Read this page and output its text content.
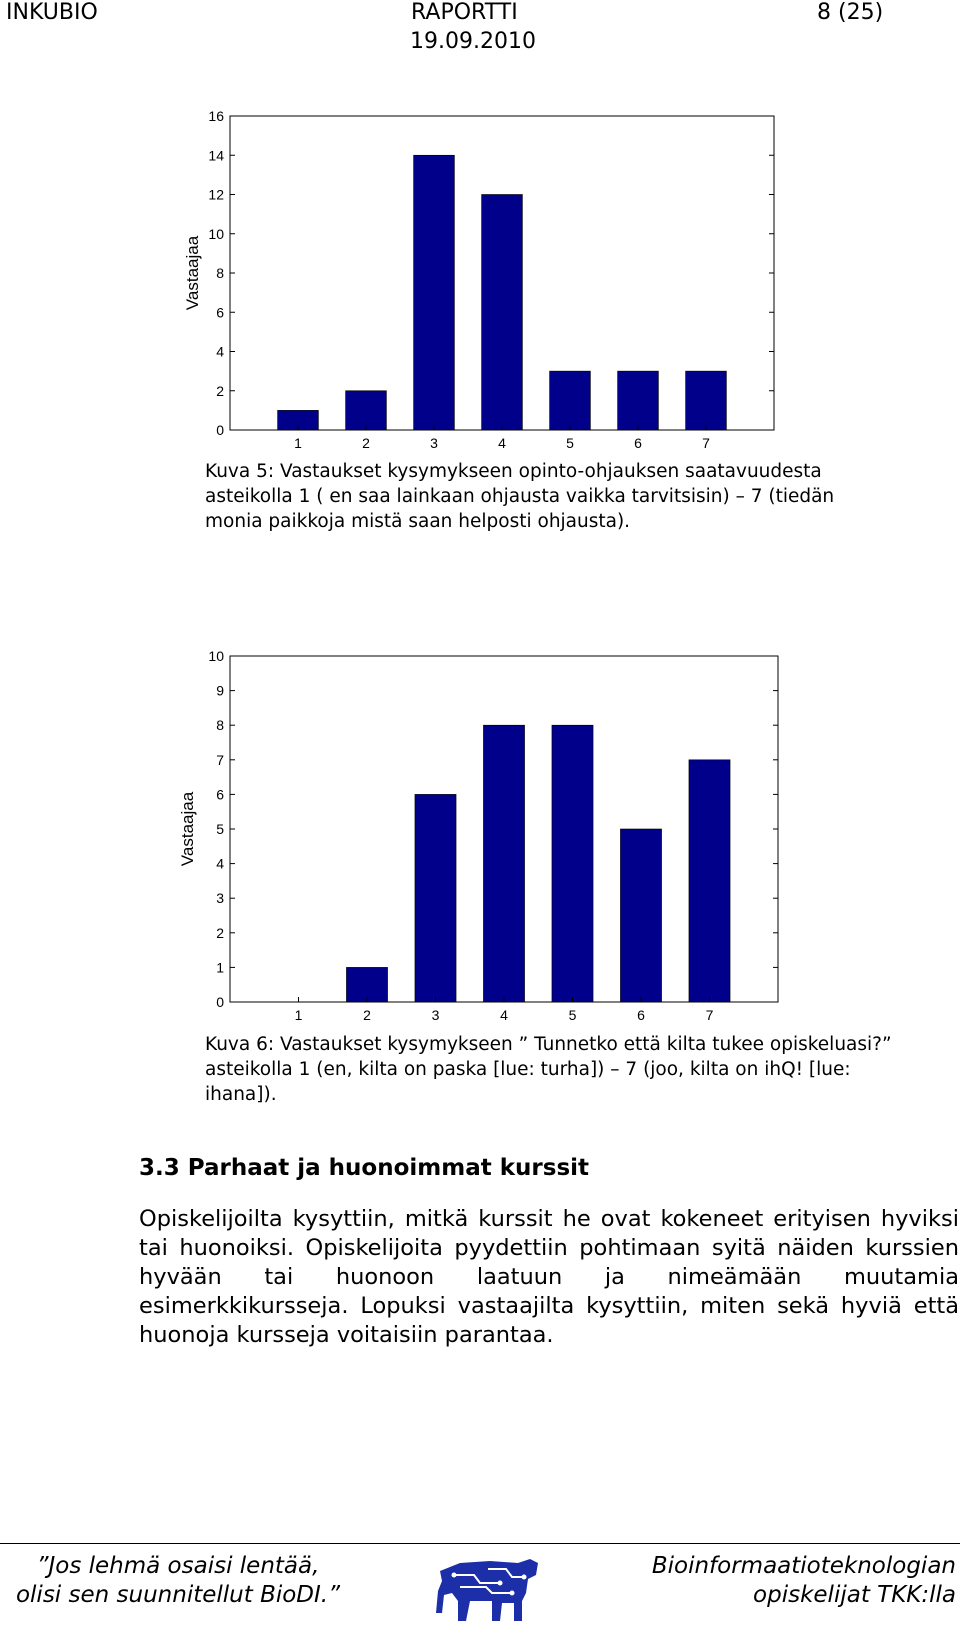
INKUBIO	RAPORTTI
19.09.2010
8 (25)
0
2
4
6
8
10
12
14
16
1	2	3	4	5	6	7
Vastaajaa
Kuva 5: Vastaukset kysymykseen opinto-ohjauksen saatavuudesta asteikolla 1 ( en saa lainkaan ohjausta vaikka tarvitsisin) – 7 (tiedän monia paikkoja mistä saan helposti ohjausta).
0
1
2
3
4
5
6
7
8
9
10
1	2	3	4	5	6	7
Vastaajaa
Kuva 6: Vastaukset kysymykseen ” Tunnetko että kilta tukee opiskeluasi?” asteikolla 1 (en, kilta on paska [lue: turha]) – 7 (joo, kilta on ihQ! [lue: ihana]).
3.3 Parhaat ja huonoimmat kurssit
Opiskelijoilta kysyttiin, mitkä kurssit he ovat kokeneet erityisen hyviksi tai huonoiksi. Opiskelijoita pyydettiin pohtimaan syitä näiden kurssien hyvään tai huonoon laatuun ja nimeämään muutamia esimerkkikursseja. Lopuksi vastaajilta kysyttiin, miten sekä hyviä että huonoja kursseja voitaisiin parantaa.
”Jos lehmä osaisi lentää,
olisi sen suunnitellut BioDI.”
Bioinformaatioteknologian
opiskelijat TKK:lla
